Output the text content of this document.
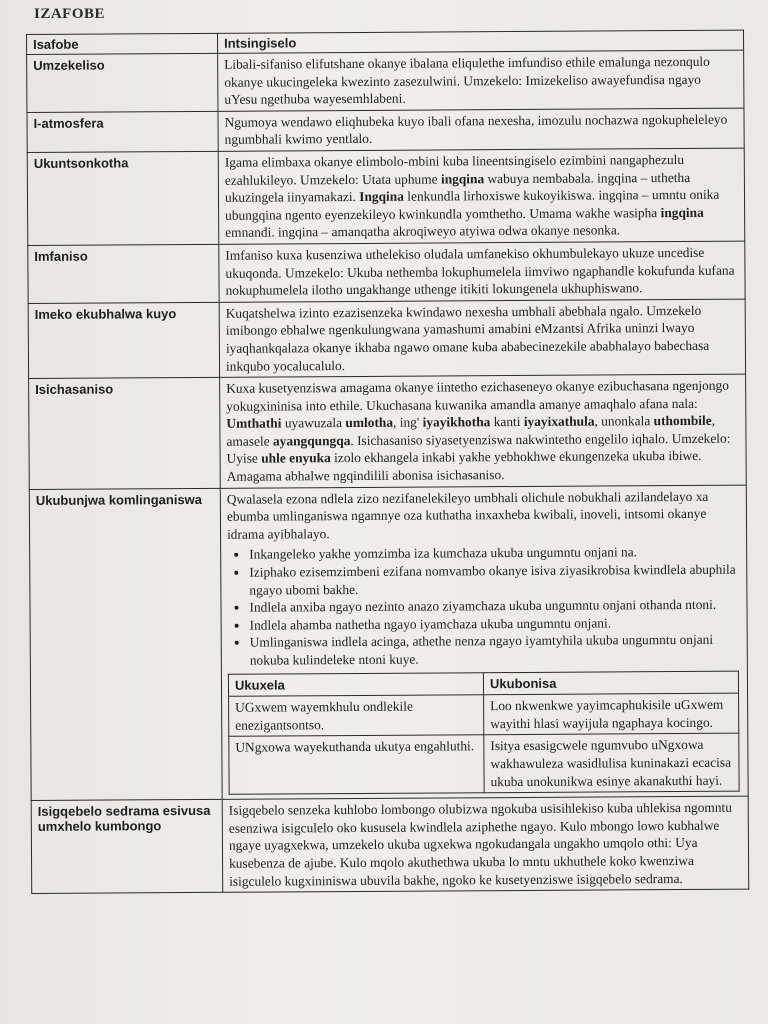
IZAFOBE
Isafobe	Intsingiselo
Umzekeliso	Libali-sifaniso elifutshane okanye ibalana eliqulethe imfundiso ethile emalunga nezonqulo okanye ukucingeleka kwezinto zasezulwini. Umzekelo: Imizekeliso awayefundisa ngayo uYesu ngethuba wayesemhlabeni.
I-atmosfera	Ngumoya wendawo eliqhubeka kuyo ibali ofana nexesha, imozulu nochazwa ngokupheleleyo ngumbhali kwimo yentlalo.
Ukuntsonkotha	Igama elimbaxa okanye elimbolo-mbini kuba lineentsingiselo ezimbini nangaphezulu ezahlukileyo. Umzekelo: Utata uphume ingqina wabuya nembabala. ingqina – uthetha ukuzingela iinyamakazi. Ingqina lenkundla lirhoxiswe kukoyikiswa. ingqina – umntu onika ubungqina ngento eyenzekileyo kwinkundla yomthetho. Umama wakhe wasipha ingqina emnandi. ingqina – amanqatha akroqiweyo atyiwa odwa okanye nesonka.
Imfaniso	Imfaniso kuxa kusenziwa uthelekiso oludala umfanekiso okhumbulekayo ukuze uncedise ukuqonda. Umzekelo: Ukuba nethemba lokuphumelela iimviwo ngaphandle kokufunda kufana nokuphumelela ilotho ungakhange uthenge itikiti lokungenela ukhuphiswano.
Imeko ekubhalwa kuyo	Kuqatshelwa izinto ezazisenzeka kwindawo nexesha umbhali abebhala ngalo. Umzekelo imibongo ebhalwe ngenkulungwana yamashumi amabini eMzantsi Afrika uninzi lwayo iyaqhankqalaza okanye ikhaba ngawo omane kuba ababecinezekile ababhalayo babechasa inkqubo yocalucalulo.
Isichasaniso	Kuxa kusetyenziswa amagama okanye iintetho ezichaseneyo okanye ezibuchasana ngenjongo yokugxininisa into ethile. Ukuchasana kuwanika amandla amanye amaqhalo afana nala: Umthathi uyawuzala umlotha, ing' iyayikhotha kanti iyayixathula, unonkala uthombile, amasele ayangqungqa. Isichasaniso siyasetyenziswa nakwintetho engelilo iqhalo. Umzekelo: Uyise uhle enyuka izolo ekhangela inkabi yakhe yebhokhwe ekungenzeka ukuba ibiwe. Amagama abhalwe ngqindilili abonisa isichasaniso.
Ukubunjwa komlinganiswa	Qwalasela ezona ndlela zizo nezifanelekileyo umbhali olichule nobukhali azilandelayo xa ebumba umlinganiswa ngamnye oza kuthatha inxaxheba kwibali, inoveli, intsomi okanye idrama ayibhalayo.
• Inkangeleko yakhe yomzimba iza kumchaza ukuba ungumntu onjani na.
• Iziphako ezisemzimbeni ezifana nomvambo okanye isiva ziyasikrobisa kwindlela abuphila ngayo ubomi bakhe.
• Indlela anxiba ngayo nezinto anazo ziyamchaza ukuba ungumntu onjani othanda ntoni.
• Indlela ahamba nathetha ngayo iyamchaza ukuba ungumntu onjani.
• Umlinganiswa indlela acinga, athethe nenza ngayo iyamtyhila ukuba ungumntu onjani nokuba kulindeleke ntoni kuye.
Ukuxela	Ukubonisa
UGxwem wayemkhulu ondlekile enezigantsontso.	Loo nkwenkwe yayimcaphukisile uGxwem wayithi hlasi wayijula ngaphaya kocingo.
UNgxowa wayekuthanda ukutya engahluthi.	Isitya esasigcwele ngumvubo uNgxowa wakhawuleza wasidlulisa kuninakazi ecacisa ukuba unokunikwa esinye akanakuthi hayi.

Isigqebelo sedrama esivusa umxhelo kumbongo	Isigqebelo senzeka kuhlobo lombongo olubizwa ngokuba usisihlekiso kuba uhlekisa ngomntu esenziwa isigculelo oko kususela kwindlela aziphethe ngayo. Kulo mbongo lowo kubhalwe ngaye uyagxekwa, umzekelo ukuba ugxekwa ngokudangala ungakho umqolo othi: Uya kusebenza de ajube. Kulo mqolo akuthethwa ukuba lo mntu ukhuthele koko kwenziwa isigculelo kugxininiswa ubuvila bakhe, ngoko ke kusetyenziswe isigqebelo sedrama.
